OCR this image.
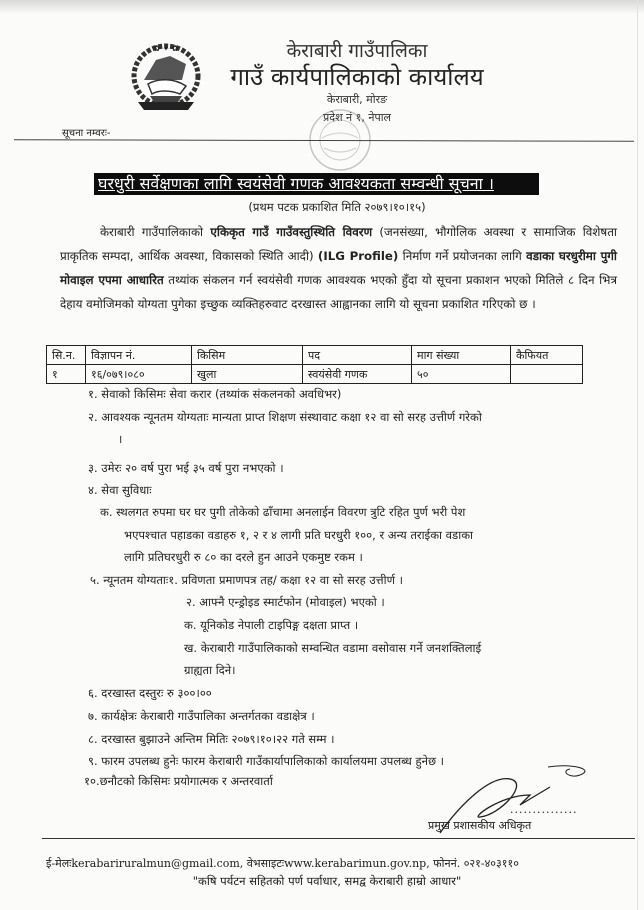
✿ ✦ ✿	केराबारी गाउँपालिका
गाउँ कार्यपालिकाको कार्यालय
केराबारी, मोरङ
प्रदेश नं १, नेपाल
सूचना नम्वरः-
घरधुरी सर्वेक्षणका लागि स्वयंसेवी गणक आवश्यकता सम्वन्धी सूचना ।
(प्रथम पटक प्रकाशित मिति २०७९।१०।१५)
केराबारी गाउँपालिकाको एकिकृत गाउँ गाउँवस्तुस्थिति विवरण (जनसंख्या, भौगोलिक अवस्था र सामाजिक विशेषता प्राकृतिक सम्पदा, आर्थिक अवस्था, विकासको स्थिति आदी) (ILG Profile) निर्माण गर्ने प्रयोजनका लागि वडाका घरधुरीमा पुगी मोवाइल एपमा आधारित तथ्यांक संकलन गर्न स्वयंसेवी गणक आवश्यक भएको हुँदा यो सूचना प्रकाशन भएको मितिले ८ दिन भित्र देहाय वमोजिमको योग्यता पुगेका इच्छुक व्यक्तिहरुवाट दरखास्त आह्वानका लागि यो सूचना प्रकाशित गरिएको छ ।
सि.न.	विज्ञापन नं.	किसिम	पद	माग संख्या	कैफियत
१	१६/०७९।०८०	खुला	स्वयंसेवी गणक	५०	
१. सेवाको किसिमः सेवा करार (तथ्यांक संकलनको अवधिभर)
२. आवश्यक न्यूनतम योग्यताः मान्यता प्राप्त शिक्षण संस्थावाट कक्षा १२ वा सो सरह उत्तीर्ण गरेको
।
३. उमेरः २० वर्ष पुरा भई ३५ वर्ष पुरा नभएको ।
४. सेवा सुविधाः
क. स्थलगत रुपमा घर घर पुगी तोकेको ढाँचामा अनलाईन विवरण त्रुटि रहित पुर्ण भरी पेश
भएपश्चात पहाडका वडाहरु १, २ र ४ लागी प्रति घरधुरी १००, र अन्य तराईका वडाका
लागि प्रतिघरधुरी रु ८० का दरले हुन आउने एकमुष्ट रकम ।
५. न्यूनतम योग्यताः१. प्रविणता प्रमाणपत्र तह/ कक्षा १२ वा सो सरह उत्तीर्ण ।
२. आफ्नै एन्ड्रोइड स्मार्टफोन (मोवाइल) भएको ।
क. यूनिकोड नेपाली टाइपिङ्ग दक्षता प्राप्त ।
ख. केराबारी गाउँपालिकाको सम्वन्धित वडामा वसोवास गर्ने जनशक्तिलाई
ग्राह्यता दिने।
६. दरखास्त दस्तुरः रु ३००।००
७. कार्यक्षेत्रः केराबारी गाउँपालिका अन्तर्गतका वडाक्षेत्र ।
८. दरखास्त बुझाउने अन्तिम मितिः २०७९।१०।२२ गते सम्म ।
९. फारम उपलब्ध हुनेः फारम केराबारी गाउँकार्यापालिकाको कार्यालयमा उपलब्ध हुनेछ ।
१०.छनौटको किसिमः प्रयोगात्मक र अन्तरवार्ता
...............
प्रमुख प्रशासकीय अधिकृत
ई-मेलःkerabariruralmun@gmail.com, वेभसाइटःwww.kerabarimun.gov.np, फोननं. ०२१-४०३११०
"कषि पर्यटन सहितको पर्ण पर्वाधार, समद्व केराबारी हाम्रो आधार"
